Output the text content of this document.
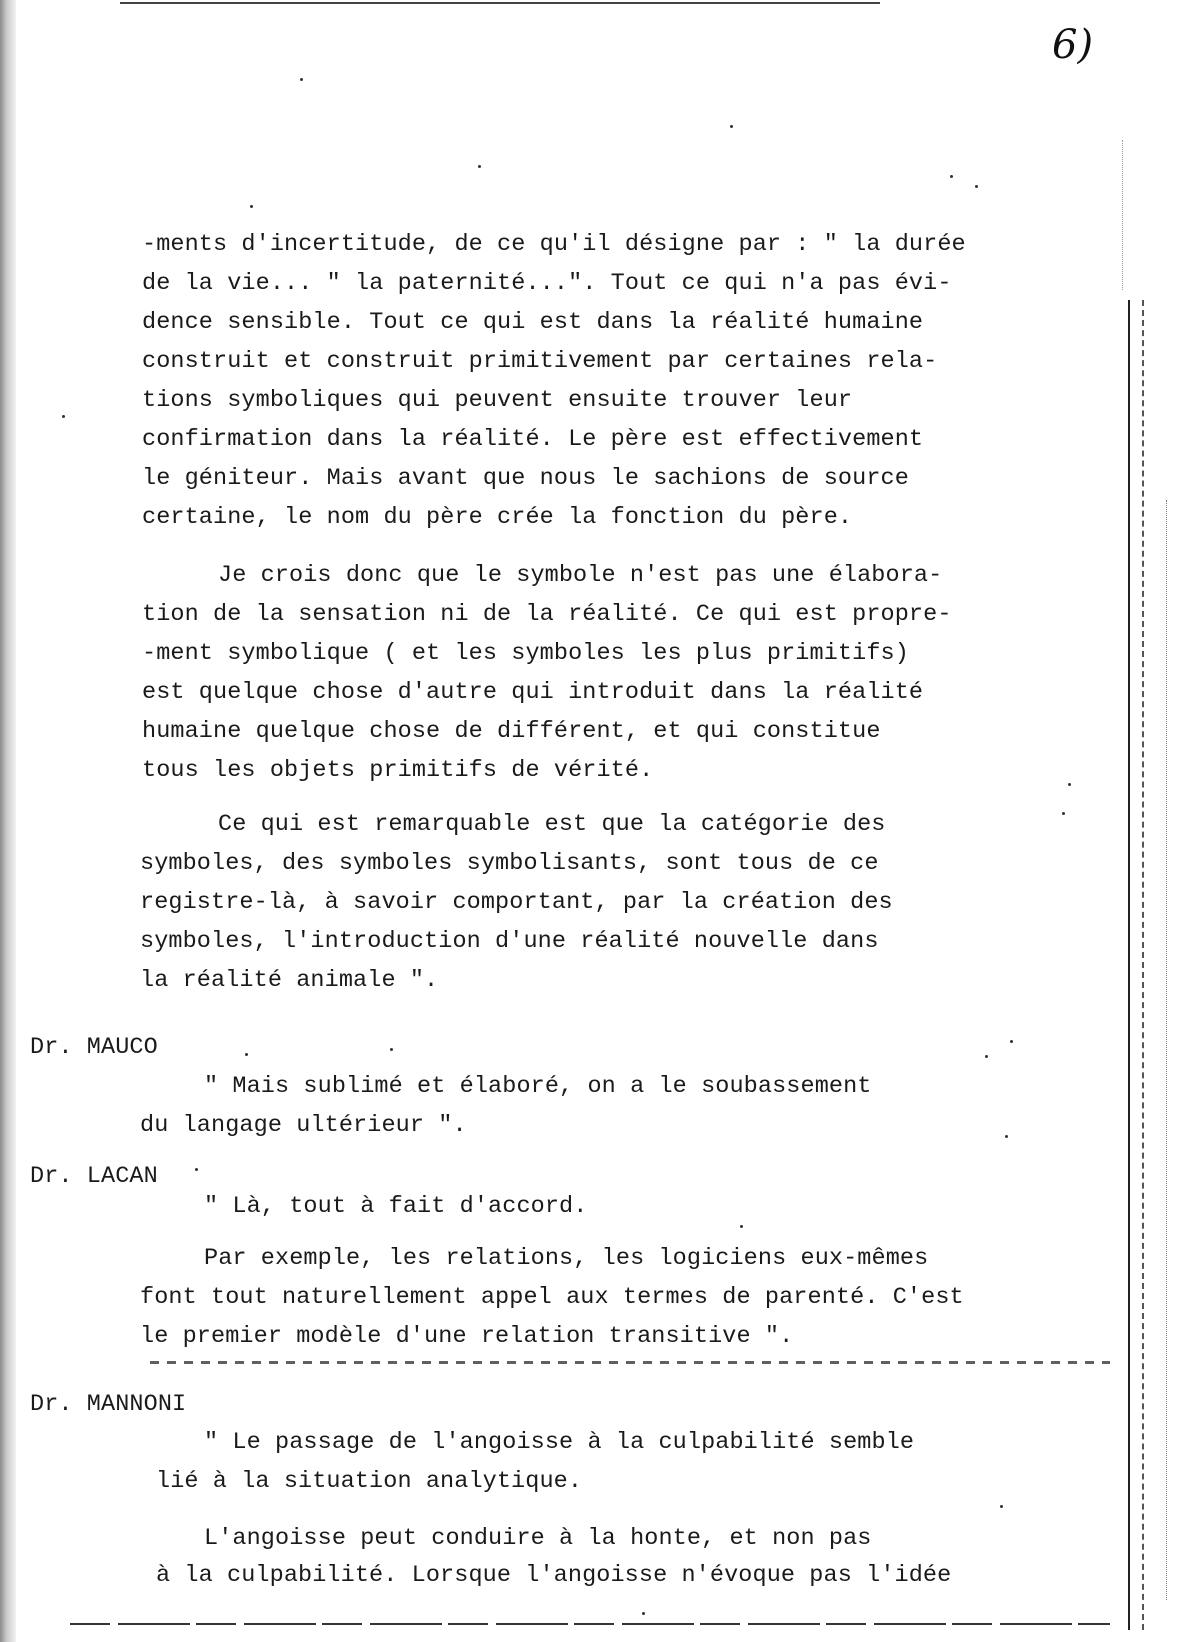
6)

-ments d'incertitude, de ce qu'il désigne par : " la durée

de la vie... " la paternité...". Tout ce qui n'a pas évi-

dence sensible. Tout ce qui est dans la réalité humaine

construit et construit primitivement par certaines rela-

tions symboliques qui peuvent ensuite trouver leur

confirmation dans la réalité. Le père est effectivement

le géniteur. Mais avant que nous le sachions de source

certaine, le nom du père crée la fonction du père.

Je crois donc que le symbole n'est pas une élabora-

tion de la sensation ni de la réalité. Ce qui est propre-

-ment symbolique ( et les symboles les plus primitifs)

est quelque chose d'autre qui introduit dans la réalité

humaine quelque chose de différent, et qui constitue

tous les objets primitifs de vérité.

Ce qui est remarquable est que la catégorie des

symboles, des symboles symbolisants, sont tous de ce

registre-là, à savoir comportant, par la création des

symboles, l'introduction d'une réalité nouvelle dans

la réalité animale ".

Dr. MAUCO

" Mais sublimé et élaboré, on a le soubassement

du langage ultérieur ".

Dr. LACAN

" Là, tout à fait d'accord.

Par exemple, les relations, les logiciens eux-mêmes

font tout naturellement appel aux termes de parenté. C'est

le premier modèle d'une relation transitive ".

Dr. MANNONI

" Le passage de l'angoisse à la culpabilité semble

lié à la situation analytique.

L'angoisse peut conduire à la honte, et non pas

à la culpabilité. Lorsque l'angoisse n'évoque pas l'idée
